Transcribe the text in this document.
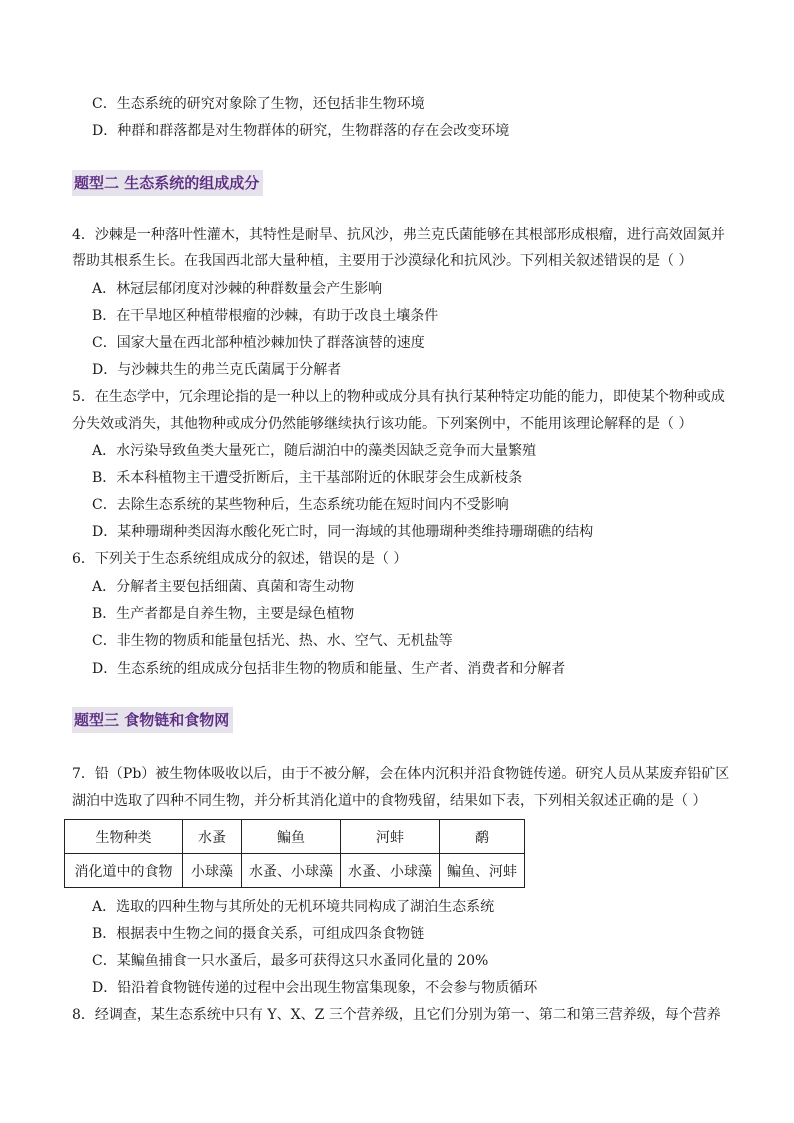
C．生态系统的研究对象除了生物，还包括非生物环境
D．种群和群落都是对生物群体的研究，生物群落的存在会改变环境
题型二 生态系统的组成成分
4．沙棘是一种落叶性灌木，其特性是耐旱、抗风沙，弗兰克氏菌能够在其根部形成根瘤，进行高效固氮并
帮助其根系生长。在我国西北部大量种植，主要用于沙漠绿化和抗风沙。下列相关叙述错误的是（ ）
A．林冠层郁闭度对沙棘的种群数量会产生影响
B．在干旱地区种植带根瘤的沙棘，有助于改良土壤条件
C．国家大量在西北部种植沙棘加快了群落演替的速度
D．与沙棘共生的弗兰克氏菌属于分解者
5．在生态学中，冗余理论指的是一种以上的物种或成分具有执行某种特定功能的能力，即使某个物种或成
分失效或消失，其他物种或成分仍然能够继续执行该功能。下列案例中，不能用该理论解释的是（ ）
A．水污染导致鱼类大量死亡，随后湖泊中的藻类因缺乏竞争而大量繁殖
B．禾本科植物主干遭受折断后，主干基部附近的休眠芽会生成新枝条
C．去除生态系统的某些物种后，生态系统功能在短时间内不受影响
D．某种珊瑚种类因海水酸化死亡时，同一海域的其他珊瑚种类维持珊瑚礁的结构
6．下列关于生态系统组成成分的叙述，错误的是（ ）
A．分解者主要包括细菌、真菌和寄生动物
B．生产者都是自养生物，主要是绿色植物
C．非生物的物质和能量包括光、热、水、空气、无机盐等
D．生态系统的组成成分包括非生物的物质和能量、生产者、消费者和分解者
题型三 食物链和食物网
7．铅（Pb）被生物体吸收以后，由于不被分解，会在体内沉积并沿食物链传递。研究人员从某废弃铅矿区
湖泊中选取了四种不同生物，并分析其消化道中的食物残留，结果如下表，下列相关叙述正确的是（ ）
生物种类	水蚤	鳊鱼	河蚌	鹬
消化道中的食物	小球藻	水蚤、小球藻	水蚤、小球藻	鳊鱼、河蚌
A．选取的四种生物与其所处的无机环境共同构成了湖泊生态系统
B．根据表中生物之间的摄食关系，可组成四条食物链
C．某鳊鱼捕食一只水蚤后，最多可获得这只水蚤同化量的 20%
D．铅沿着食物链传递的过程中会出现生物富集现象，不会参与物质循环
8．经调查，某生态系统中只有 Y、X、Z 三个营养级，且它们分别为第一、第二和第三营养级，每个营养
